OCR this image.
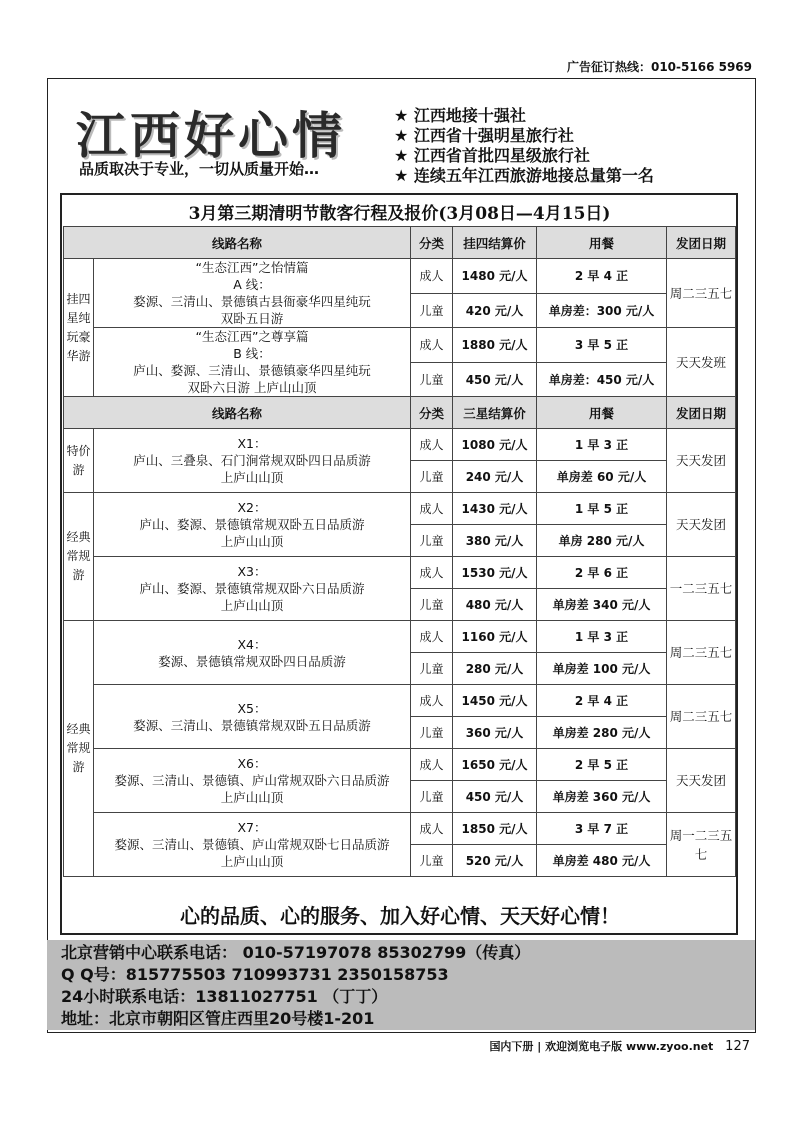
广告征订热线：010-5166 5969
江西好心情
品质取决于专业，一切从质量开始…
★ 江西地接十强社
★ 江西省十强明星旅行社
★ 江西省首批四星级旅行社
★ 连续五年江西旅游地接总量第一名
3月第三期清明节散客行程及报价(3月08日—4月15日)					
线路名称		分类	挂四结算价	用餐	发团日期
挂四星纯玩豪华游	“生态江西”之怡情篇
A 线：
婺源、三清山、景德镇古县衙豪华四星纯玩
双卧五日游	成人	1480 元/人	2 早 4 正	周二三五七
		儿童	420 元/人	单房差：300 元/人	

	“生态江西”之尊享篇
B 线：
庐山、婺源、三清山、景德镇豪华四星纯玩
双卧六日游 上庐山山顶	成人	1880 元/人	3 早 5 正	天天发班
		儿童	450 元/人	单房差：450 元/人	
线路名称		分类	三星结算价	用餐	发团日期
特价游	X1：
庐山、三叠泉、石门涧常规双卧四日品质游
上庐山山顶	成人	1080 元/人	1 早 3 正	天天发团
		儿童	240 元/人	单房差 60 元/人	
经典常规游	X2：
庐山、婺源、景德镇常规双卧五日品质游
上庐山山顶	成人	1430 元/人	1 早 5 正	天天发团
		儿童	380 元/人	单房 280 元/人	

	X3：
庐山、婺源、景德镇常规双卧六日品质游
上庐山山顶	成人	1530 元/人	2 早 6 正	一二三五七
		儿童	480 元/人	单房差 340 元/人	
经典常规游	X4：
婺源、景德镇常规双卧四日品质游	成人	1160 元/人	1 早 3 正	周二三五七
		儿童	280 元/人	单房差 100 元/人	

	X5：
婺源、三清山、景德镇常规双卧五日品质游	成人	1450 元/人	2 早 4 正	周二三五七
		儿童	360 元/人	单房差 280 元/人	

	X6：
婺源、三清山、景德镇、庐山常规双卧六日品质游
上庐山山顶	成人	1650 元/人	2 早 5 正	天天发团
		儿童	450 元/人	单房差 360 元/人	

	X7：
婺源、三清山、景德镇、庐山常规双卧七日品质游
上庐山山顶	成人	1850 元/人	3 早 7 正	周一二三五七
		儿童	520 元/人	单房差 480 元/人	
心的品质、心的服务、加入好心情、天天好心情！
北京营销中心联系电话： 010-57197078 85302799（传真）
Q Q号：815775503 710993731 2350158753
24小时联系电话：13811027751 （丁丁）
地址：北京市朝阳区管庄西里20号楼1-201
国内下册 | 欢迎浏览电子版 www.zyoo.net 127
